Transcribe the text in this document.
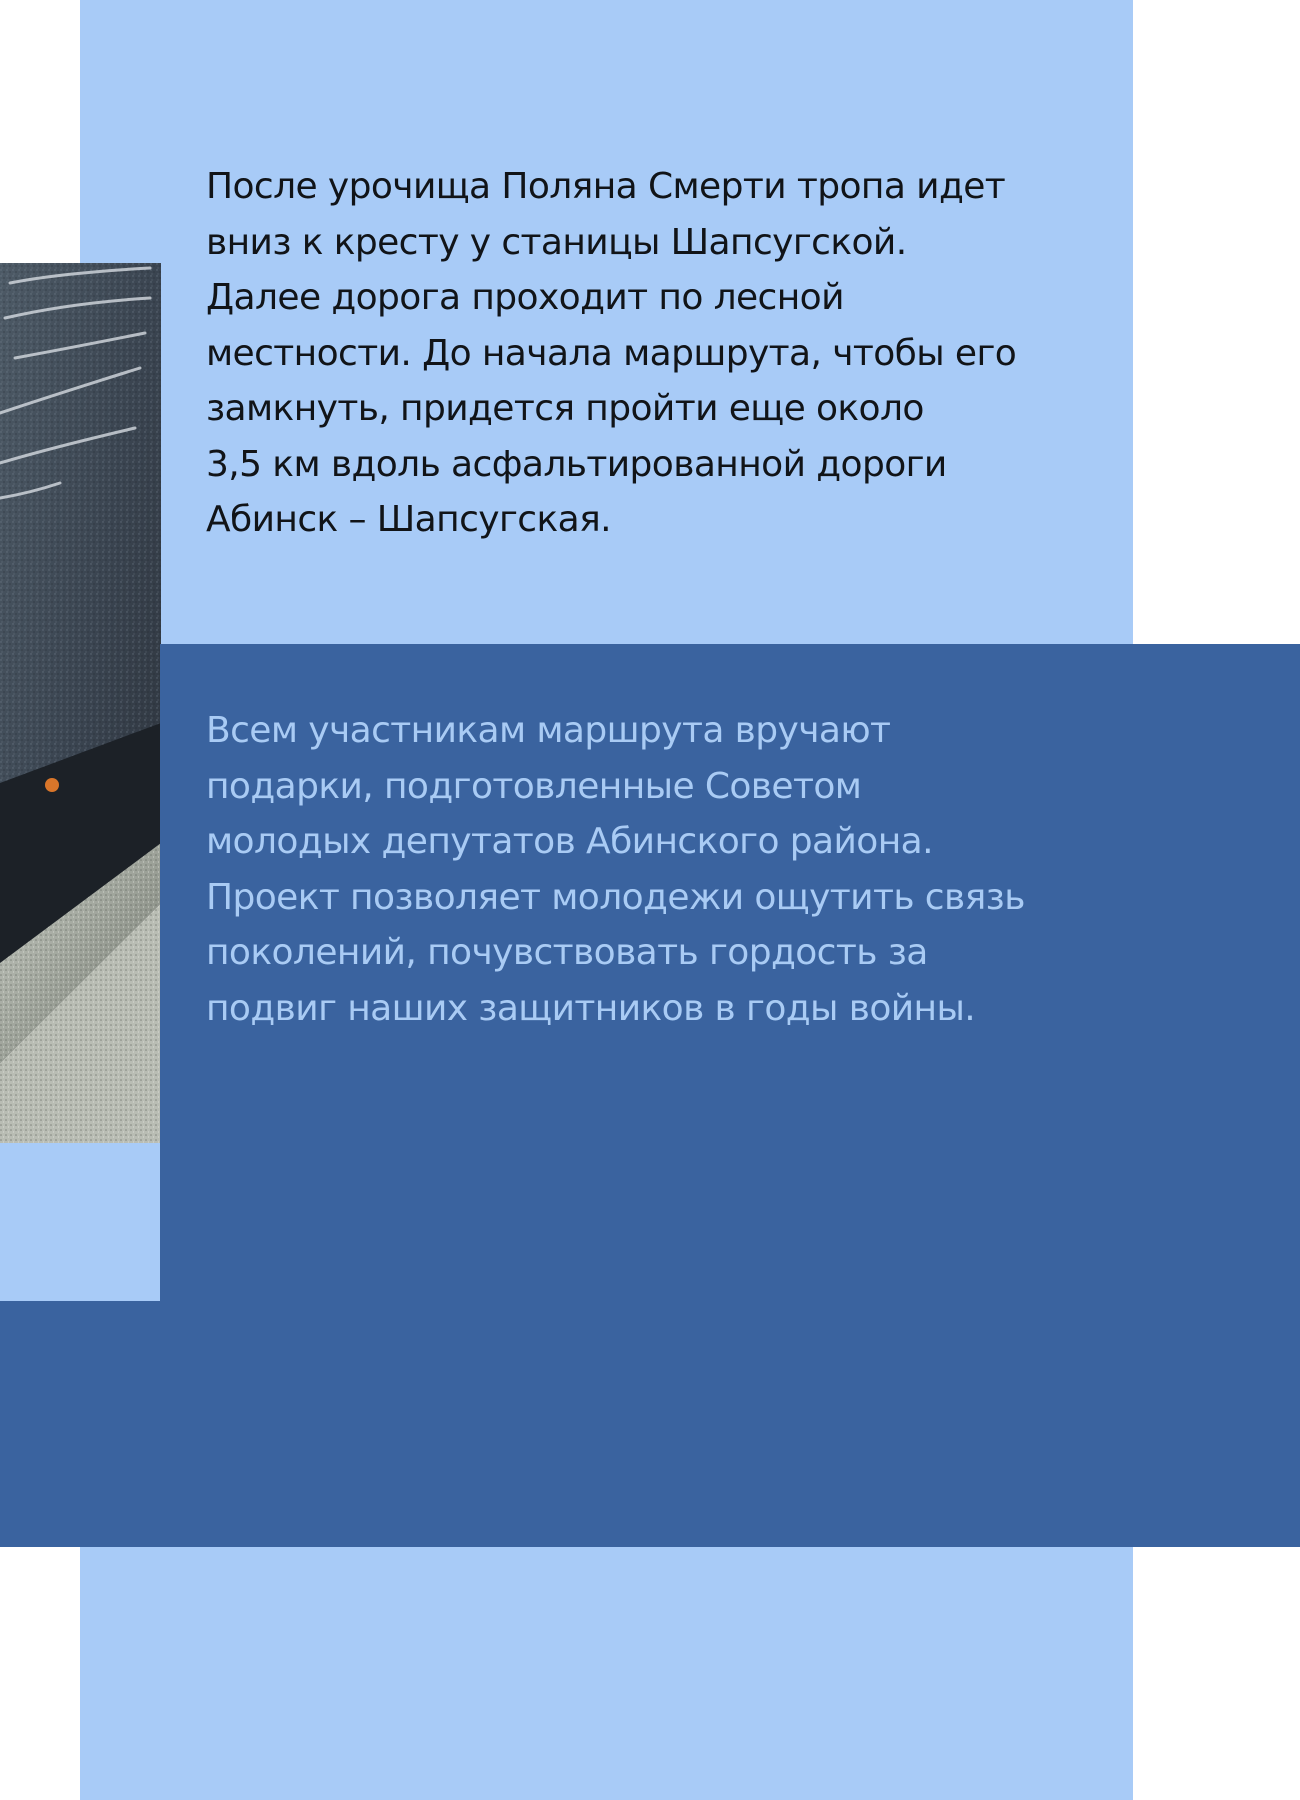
После урочища Поляна Смерти тропа идет
вниз к кресту у станицы Шапсугской.
Далее дорога проходит по лесной
местности. До начала маршрута, чтобы его
замкнуть, придется пройти еще около
3,5 км вдоль асфальтированной дороги
Абинск – Шапсугская.

Всем участникам маршрута вручают
подарки, подготовленные Советом
молодых депутатов Абинского района.
Проект позволяет молодежи ощутить связь
поколений, почувствовать гордость за
подвиг наших защитников в годы войны.
